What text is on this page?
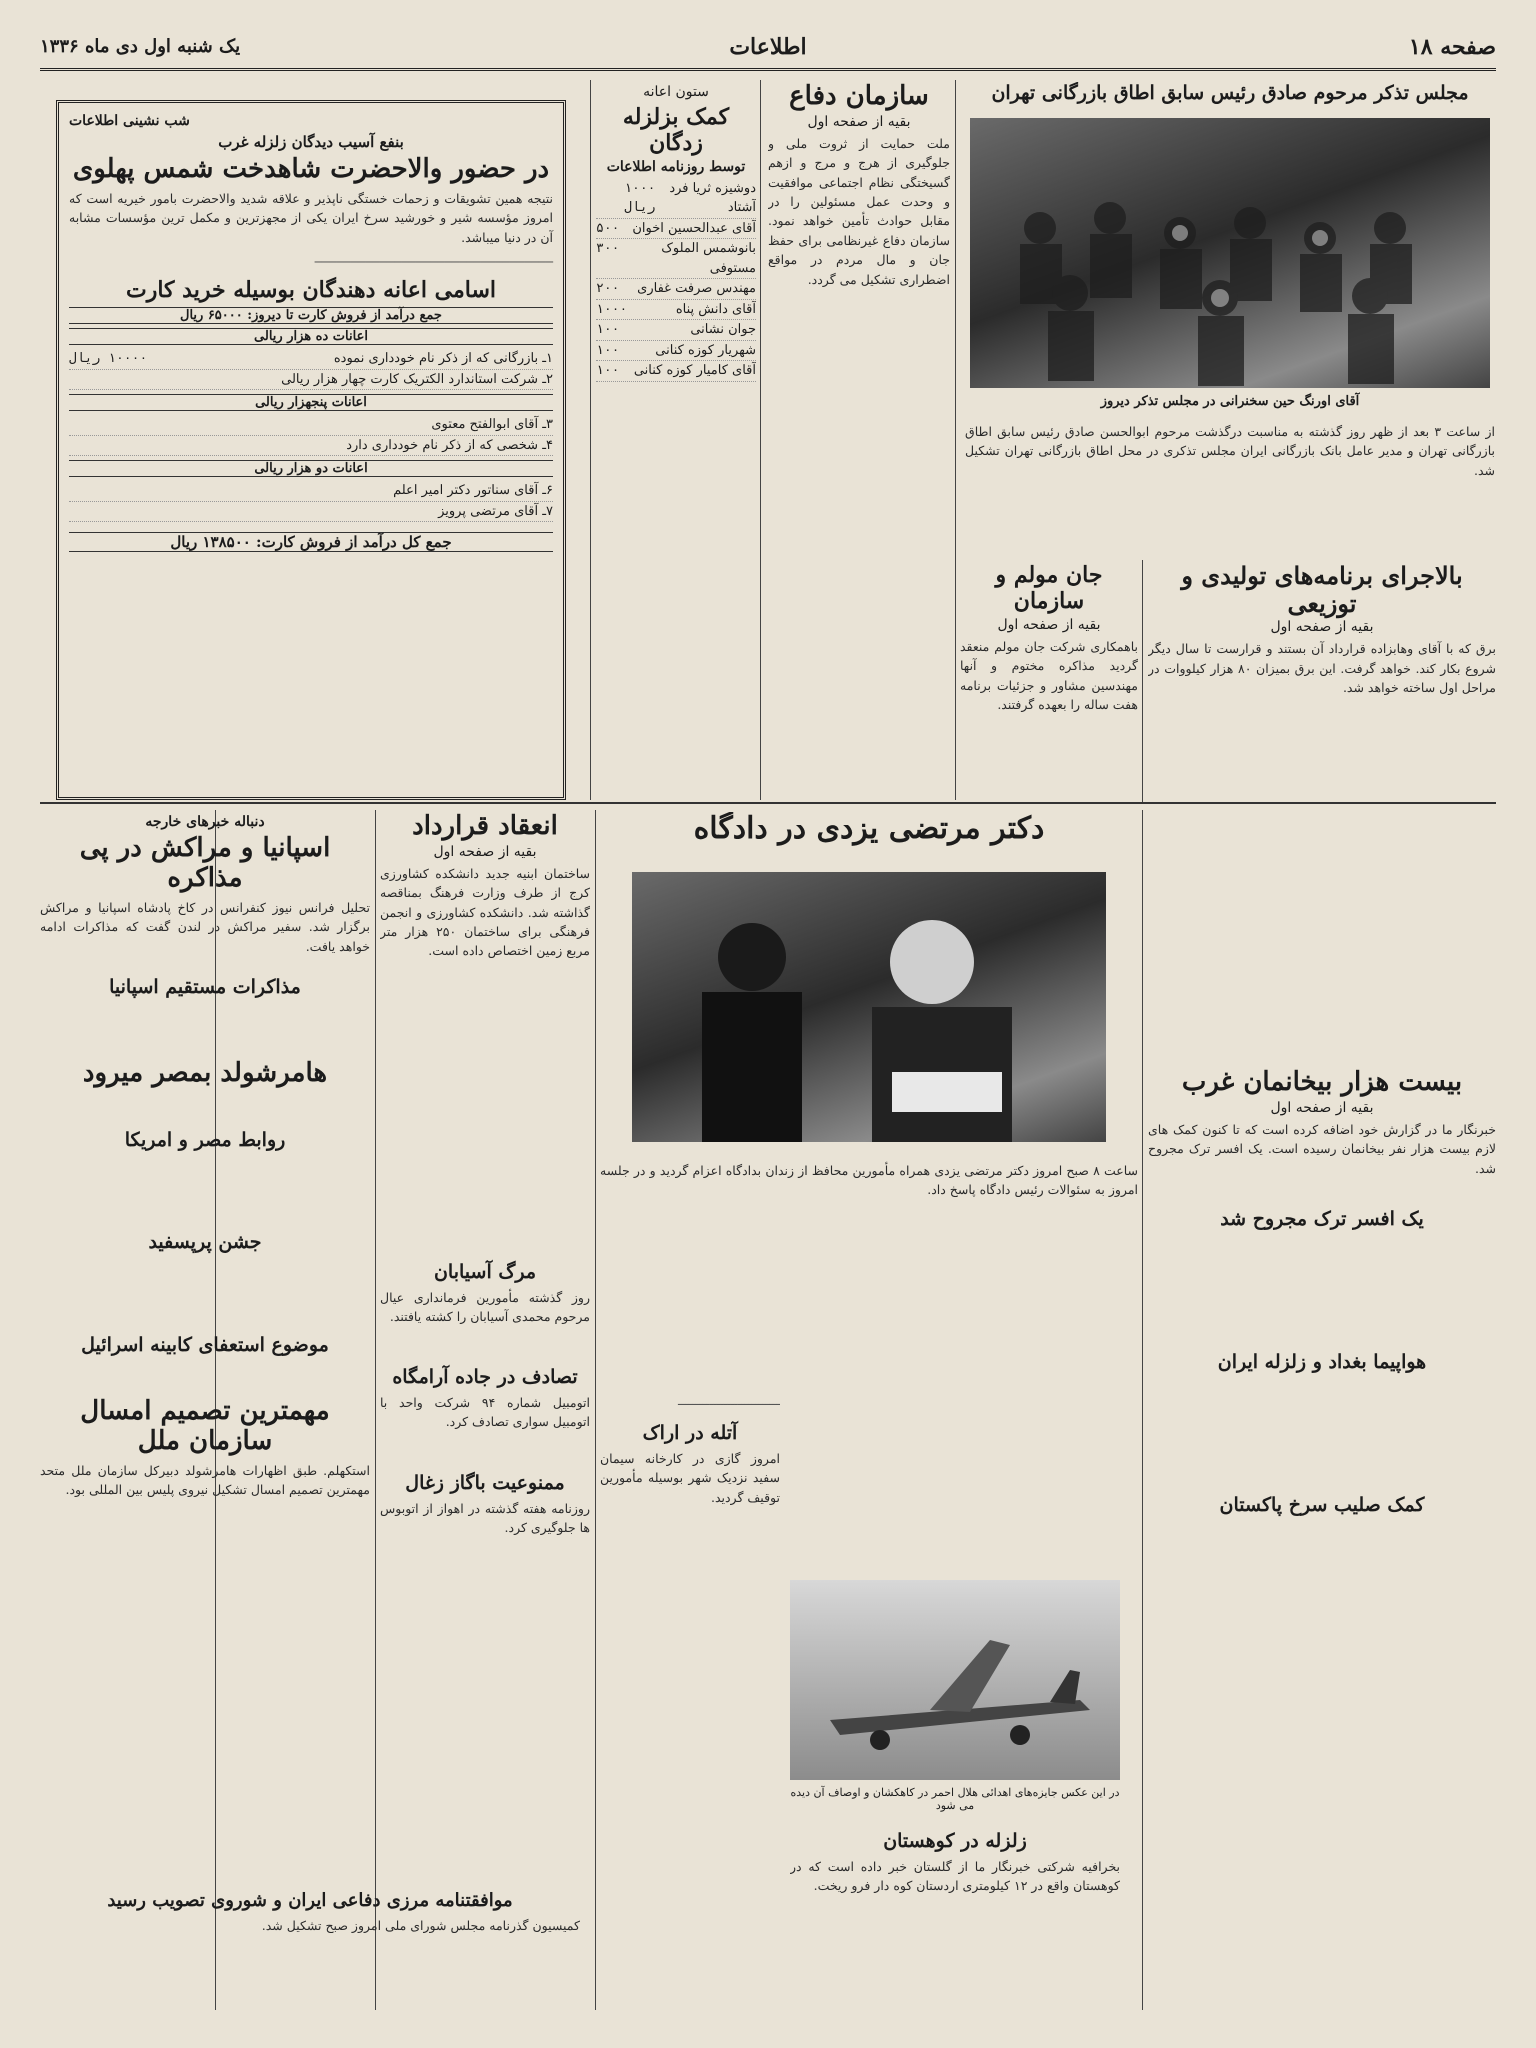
صفحه ۱۸
اطلاعات
یک شنبه اول دی ماه ۱۳۳۶
مجلس تذکر مرحوم صادق رئیس سابق اطاق بازرگانی تهران
آقای اورنگ حین سخنرانی در مجلس تذکر دیروز

از ساعت ۳ بعد از ظهر روز گذشته به مناسبت درگذشت مرحوم ابوالحسن صادق رئیس سابق اطاق بازرگانی تهران و مدیر عامل بانک بازرگانی ایران مجلس تذکری در محل اطاق بازرگانی تهران تشکیل شد.

سازمان دفاع
بقیه از صفحه اول

ملت حمایت از ثروت ملی و جلوگیری از هرج و مرج و ازهم گسیختگی نظام اجتماعی موافقیت و وحدت عمل مسئولین را در مقابل حوادث تأمین خواهد نمود. سازمان دفاع غیرنظامی برای حفظ جان و مال مردم در مواقع اضطراری تشکیل می گردد.

ستون اعانه
کمک بزلزله زدگان
توسط روزنامه اطلاعات
دوشیزه ثریا فرد آشتاد
۱۰۰۰ ریال
آقای عبدالحسین اخوان
۵۰۰
بانوشمس الملوک مستوفی
۳۰۰
مهندس صرفت غفاری
۲۰۰
آقای دانش پناه
۱۰۰۰
جوان نشانی
۱۰۰
شهریار کوزه کنانی
۱۰۰
آقای کامیار کوزه کنانی
۱۰۰
شب نشینی اطلاعات
بنفع آسیب دیدگان زلزله غرب
در حضور والاحضرت شاهدخت شمس پهلوی

نتیجه همین تشویقات و زحمات خستگی ناپذیر و علاقه شدید والاحضرت بامور خیریه است که امروز مؤسسه شیر و خورشید سرخ ایران یکی از مجهزترین و مکمل ترین مؤسسات مشابه آن در دنیا میباشد.

─────────────────────────────────

اسامی اعانه دهندگان بوسیله خرید کارت
جمع درآمد از فروش کارت تا دیروز: ۶۵۰۰۰ ریال
اعانات ده هزار ریالی
۱ـ بازرگانی که از ذکر نام خودداری نموده
۱۰۰۰۰ ریال
۲ـ شرکت استاندارد الکتریک کارت چهار هزار ریالی
اعانات پنجهزار ریالی
۳ـ آقای ابوالفتح معتوی
۴ـ شخصی که از ذکر نام خودداری دارد
اعانات دو هزار ریالی
۶ـ آقای سناتور دکتر امیر اعلم
۷ـ آقای مرتضی پرویز
جمع کل درآمد از فروش کارت: ۱۳۸۵۰۰ ریال
بالاجرای برنامه‌های تولیدی و توزیعی
بقیه از صفحه اول

برق که با آقای وهابزاده قرارداد آن بستند و قرارست تا سال دیگر شروع بکار کند. خواهد گرفت. این برق بمیزان ۸۰ هزار کیلووات در مراحل اول ساخته خواهد شد.

جان مولم و سازمان
بقیه از صفحه اول

باهمکاری شرکت جان مولم منعقد گردید مذاکره مختوم و آنها مهندسین مشاور و جزئیات برنامه هفت ساله را بعهده گرفتند.

بیست هزار بیخانمان غرب
بقیه از صفحه اول

خبرنگار ما در گزارش خود اضافه کرده است که تا کنون کمک های لازم بیست هزار نفر بیخانمان رسیده است. یک افسر ترک مجروح شد.

یک افسر ترک مجروح شد
هواپیما بغداد و زلزله ایران
کمک صلیب سرخ پاکستان
دکتر مرتضی یزدی در دادگاه

ساعت ۸ صبح امروز دکتر مرتضی یزدی همراه مأمورین محافظ از زندان بدادگاه اعزام گردید و در جلسه امروز به سئوالات رئیس دادگاه پاسخ داد.

در این عکس جایزه‌های اهدائی هلال احمر در کاهکشان و اوصاف آن دیده می شود
زلزله در کوهستان

بخرافیه شرکتی خبرنگار ما از گلستان خبر داده است که در کوهستان واقع در ۱۲ کیلومتری اردستان کوه دار فرو ریخت.

ـــــــــــــــــــــــــــــ

آتله در اراک

امروز گازی در کارخانه سیمان سفید نزدیک شهر بوسیله مأمورین توقیف گردید.

انعقاد قرارداد
بقیه از صفحه اول

ساختمان ابنیه جدید دانشکده کشاورزی کرج از طرف وزارت فرهنگ بمناقصه گذاشته شد. دانشکده کشاورزی و انجمن فرهنگی برای ساختمان ۲۵۰ هزار متر مربع زمین اختصاص داده است.

مرگ آسیابان

روز گذشته مأمورین فرمانداری عیال مرحوم محمدی آسیابان را کشته یافتند.

تصادف در جاده آرامگاه

اتومبیل شماره ۹۴ شرکت واحد با اتومبیل سواری تصادف کرد.

ممنوعیت باگاز زغال

روزنامه هفته گذشته در اهواز از اتوبوس ها جلوگیری کرد.

دنباله خبرهای خارجه
اسپانیا و مراکش در پی مذاکره

تحلیل فرانس نیوز کنفرانس در کاخ پادشاه اسپانیا و مراکش برگزار شد. سفیر مراکش در لندن گفت که مذاکرات ادامه خواهد یافت.

مذاکرات مستقیم اسپانیا
هامرشولد بمصر میرود
روابط مصر و امریکا
جشن پرپسفید
موضوع استعفای کابینه اسرائیل
مهمترین تصمیم امسال سازمان ملل

استکهلم. طبق اظهارات هامرشولد دبیرکل سازمان ملل متحد مهمترین تصمیم امسال تشکیل نیروی پلیس بین المللی بود.

موافقتنامه مرزی دفاعی ایران و شوروی تصویب رسید

کمیسیون گذرنامه مجلس شورای ملی امروز صبح تشکیل شد.
